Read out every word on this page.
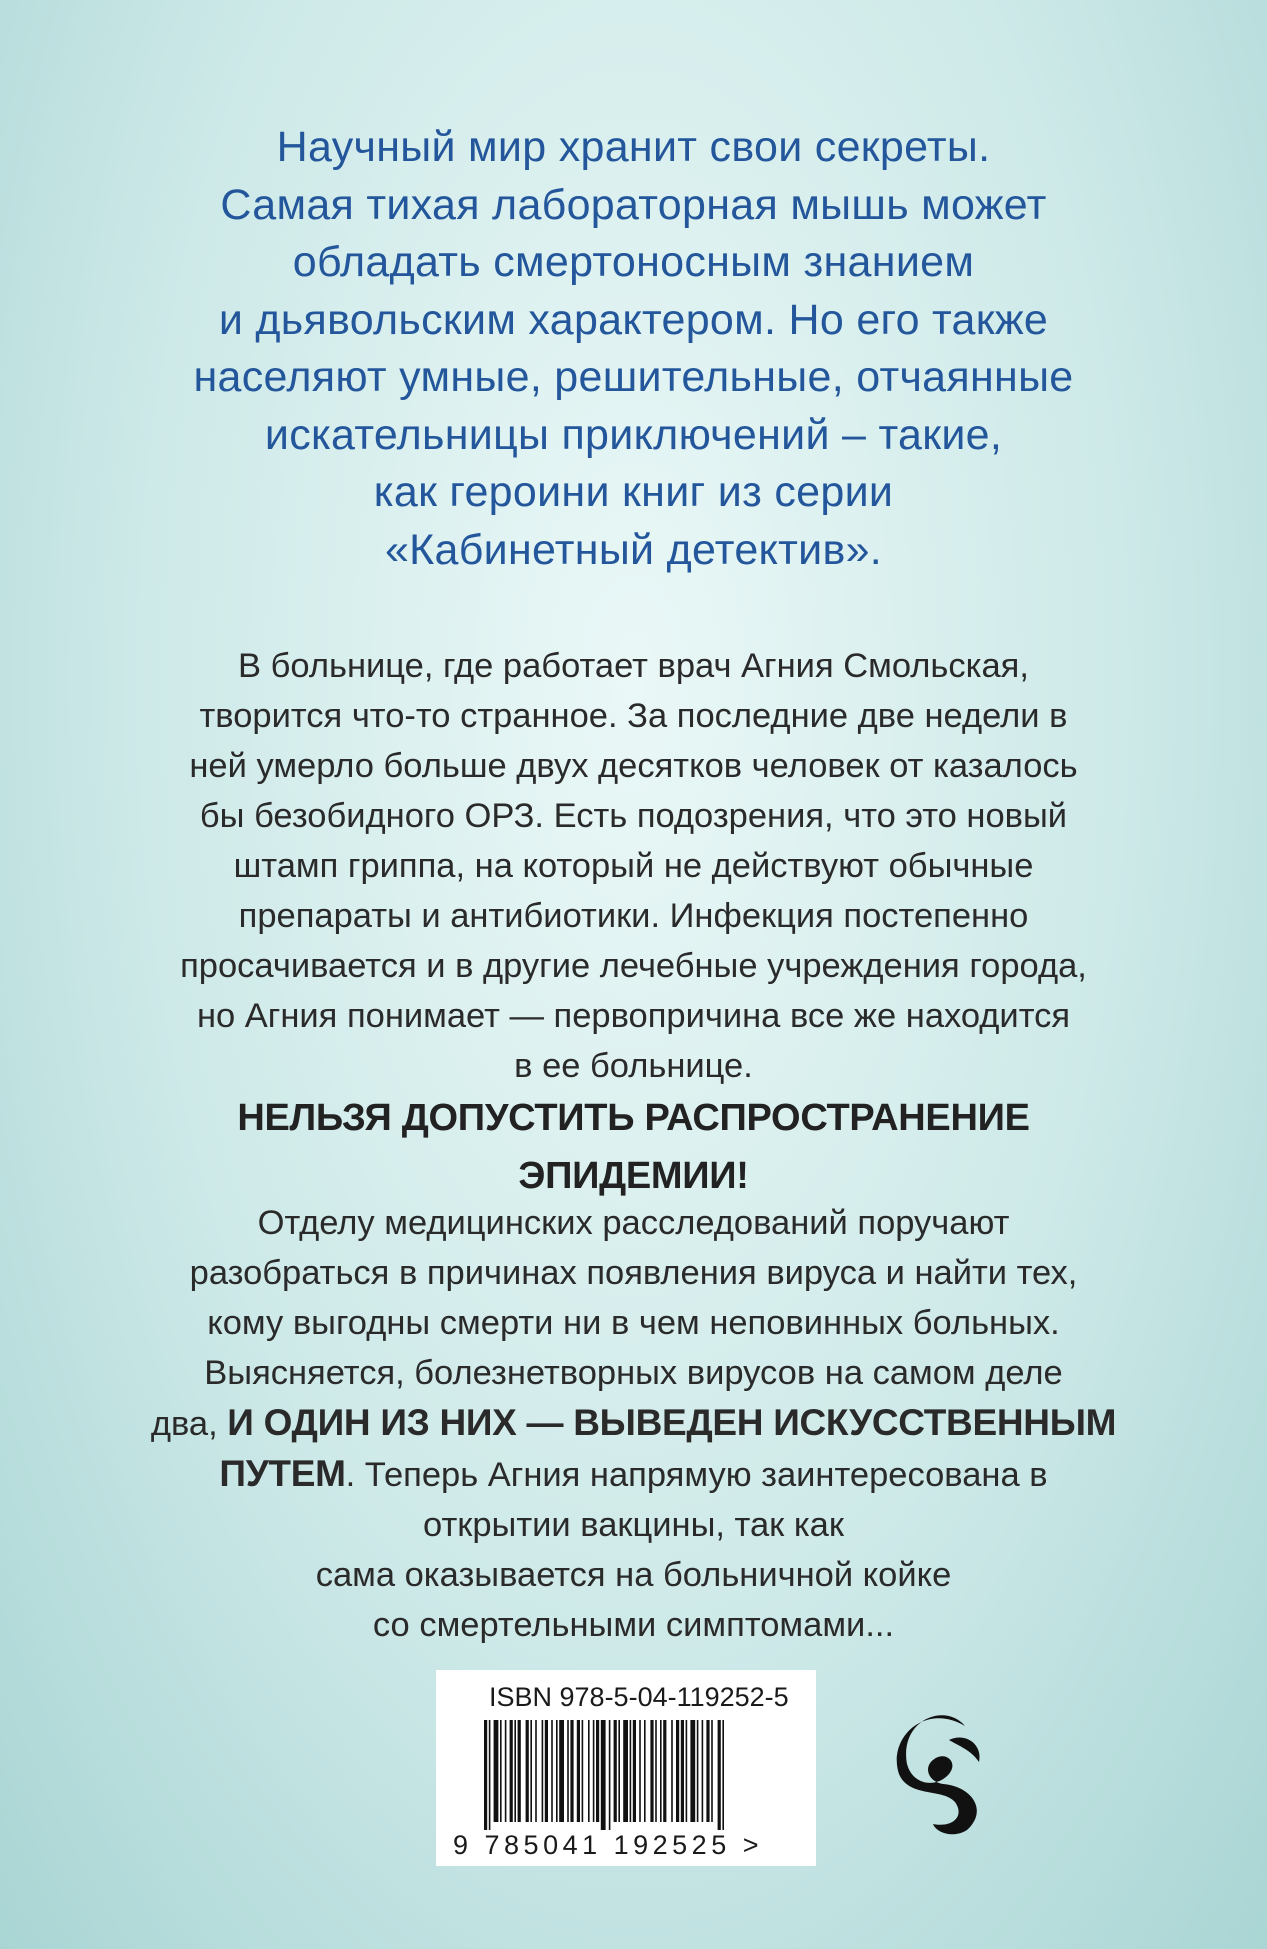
Научный мир хранит свои секреты.
Самая тихая лабораторная мышь может
обладать смертоносным знанием
и дьявольским характером. Но его также
населяют умные, решительные, отчаянные
искательницы приключений – такие,
как героини книг из серии
«Кабинетный детектив».
В больнице, где работает врач Агния Смольская,
творится что-то странное. За последние две недели в
ней умерло больше двух десятков человек от казалось
бы безобидного ОРЗ. Есть подозрения, что это новый
штамп гриппа, на который не действуют обычные
препараты и антибиотики. Инфекция постепенно
просачивается и в другие лечебные учреждения города,
но Агния понимает — первопричина все же находится
в ее больнице.
НЕЛЬЗЯ ДОПУСТИТЬ РАСПРОСТРАНЕНИЕ
ЭПИДЕМИИ!
Отделу медицинских расследований поручают
разобраться в причинах появления вируса и найти тех,
кому выгодны смерти ни в чем неповинных больных.
Выясняется, болезнетворных вирусов на самом деле
два, И ОДИН ИЗ НИХ — ВЫВЕДЕН ИСКУССТВЕННЫМ
ПУТЕМ. Теперь Агния напрямую заинтересована в
открытии вакцины, так как
сама оказывается на больничной койке
со смертельными симптомами...
ISBN 978-5-04-119252-5
9 785041 192525 >
